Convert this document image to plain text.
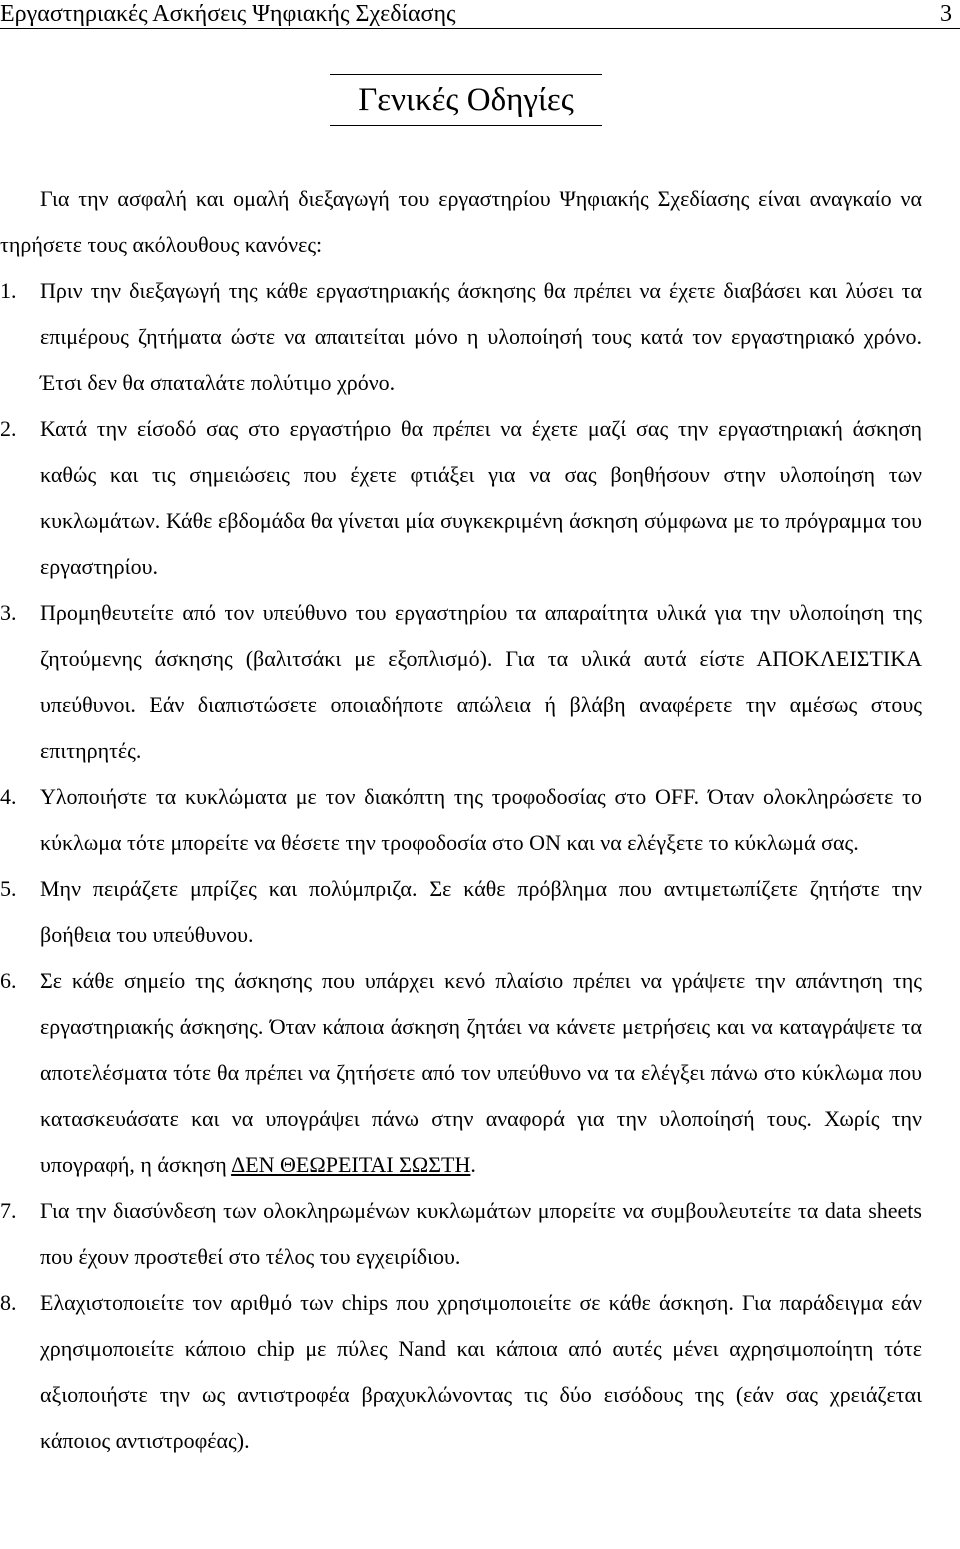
Εργαστηριακές Ασκήσεις Ψηφιακής Σχεδίασης	3
Γενικές Οδηγίες

Για την ασφαλή και ομαλή διεξαγωγή του εργαστηρίου Ψηφιακής Σχεδίασης είναι αναγκαίο να τηρήσετε τους ακόλουθους κανόνες:

1. Πριν την διεξαγωγή της κάθε εργαστηριακής άσκησης θα πρέπει να έχετε διαβάσει και λύσει τα επιμέρους ζητήματα ώστε να απαιτείται μόνο η υλοποίησή τους κατά τον εργαστηριακό χρόνο. Έτσι δεν θα σπαταλάτε πολύτιμο χρόνο.
2. Κατά την είσοδό σας στο εργαστήριο θα πρέπει να έχετε μαζί σας την εργαστηριακή άσκηση καθώς και τις σημειώσεις που έχετε φτιάξει για να σας βοηθήσουν στην υλοποίηση των κυκλωμάτων. Κάθε εβδομάδα θα γίνεται μία συγκεκριμένη άσκηση σύμφωνα με το πρόγραμμα του εργαστηρίου.
3. Προμηθευτείτε από τον υπεύθυνο του εργαστηρίου τα απαραίτητα υλικά για την υλοποίηση της ζητούμενης άσκησης (βαλιτσάκι με εξοπλισμό). Για τα υλικά αυτά είστε ΑΠΟΚΛΕΙΣΤΙΚΑ υπεύθυνοι. Εάν διαπιστώσετε οποιαδήποτε απώλεια ή βλάβη αναφέρετε την αμέσως στους επιτηρητές.
4. Υλοποιήστε τα κυκλώματα με τον διακόπτη της τροφοδοσίας στο OFF. Όταν ολοκληρώσετε το κύκλωμα τότε μπορείτε να θέσετε την τροφοδοσία στο ON και να ελέγξετε το κύκλωμά σας.
5. Μην πειράζετε μπρίζες και πολύμπριζα. Σε κάθε πρόβλημα που αντιμετωπίζετε ζητήστε την βοήθεια του υπεύθυνου.
6. Σε κάθε σημείο της άσκησης που υπάρχει κενό πλαίσιο πρέπει να γράψετε την απάντηση της εργαστηριακής άσκησης. Όταν κάποια άσκηση ζητάει να κάνετε μετρήσεις και να καταγράψετε τα αποτελέσματα τότε θα πρέπει να ζητήσετε από τον υπεύθυνο να τα ελέγξει πάνω στο κύκλωμα που κατασκευάσατε και να υπογράψει πάνω στην αναφορά για την υλοποίησή τους. Χωρίς την υπογραφή, η άσκηση ΔΕΝ ΘΕΩΡΕΙΤΑΙ ΣΩΣΤΗ.
7. Για την διασύνδεση των ολοκληρωμένων κυκλωμάτων μπορείτε να συμβουλευτείτε τα data sheets που έχουν προστεθεί στο τέλος του εγχειρίδιου.
8. Ελαχιστοποιείτε τον αριθμό των chips που χρησιμοποιείτε σε κάθε άσκηση. Για παράδειγμα εάν χρησιμοποιείτε κάποιο chip με πύλες Nand και κάποια από αυτές μένει αχρησιμοποίητη τότε αξιοποιήστε την ως αντιστροφέα βραχυκλώνοντας τις δύο εισόδους της (εάν σας χρειάζεται κάποιος αντιστροφέας).
